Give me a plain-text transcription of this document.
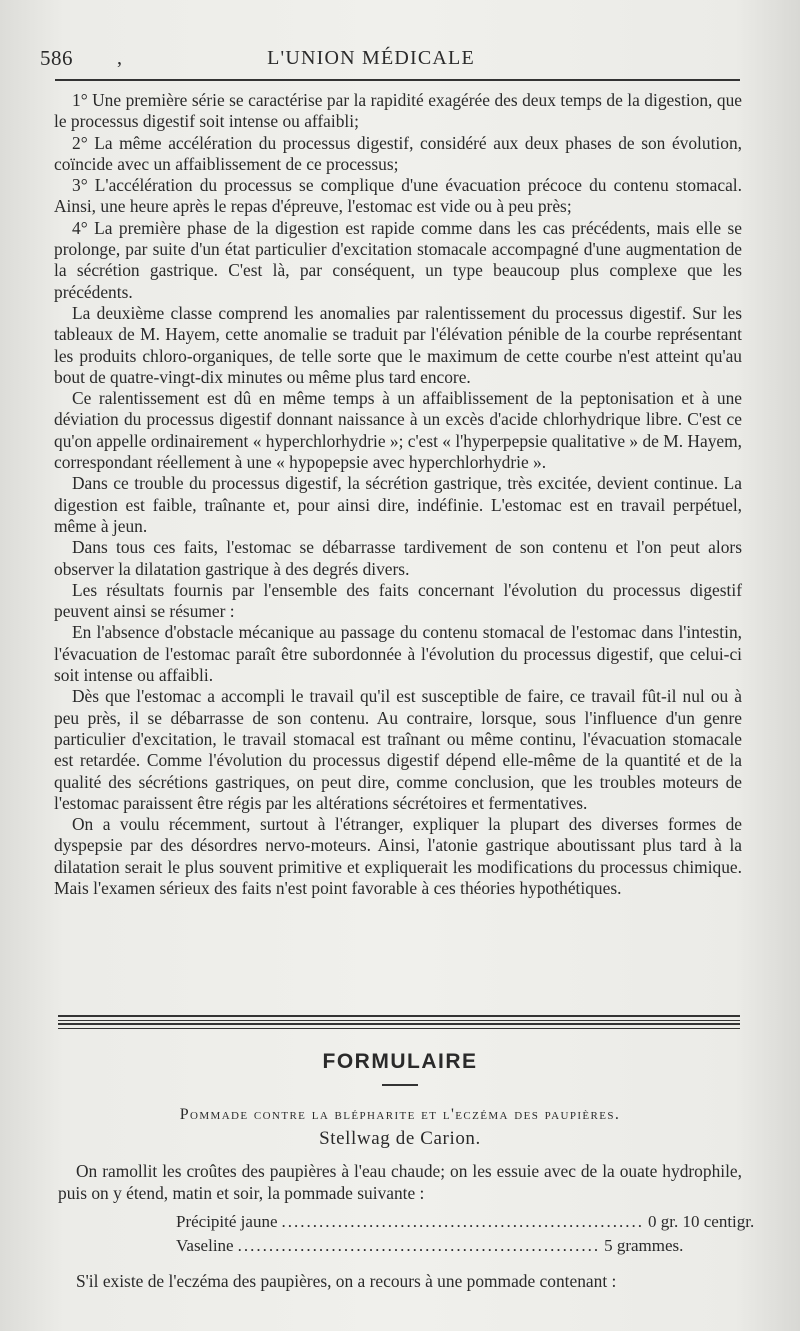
586 ,	L'UNION MÉDICALE

1° Une première série se caractérise par la rapidité exagérée des deux temps de la digestion, que le processus digestif soit intense ou affaibli;

2° La même accélération du processus digestif, considéré aux deux phases de son évolution, coïncide avec un affaiblissement de ce processus;

3° L'accélération du processus se complique d'une évacuation précoce du contenu stomacal. Ainsi, une heure après le repas d'épreuve, l'estomac est vide ou à peu près;

4° La première phase de la digestion est rapide comme dans les cas précédents, mais elle se prolonge, par suite d'un état particulier d'excitation stomacale accompagné d'une augmentation de la sécrétion gastrique. C'est là, par conséquent, un type beaucoup plus complexe que les précédents.

La deuxième classe comprend les anomalies par ralentissement du processus digestif. Sur les tableaux de M. Hayem, cette anomalie se traduit par l'élévation pénible de la courbe représentant les produits chloro-organiques, de telle sorte que le maximum de cette courbe n'est atteint qu'au bout de quatre-vingt-dix minutes ou même plus tard encore.

Ce ralentissement est dû en même temps à un affaiblissement de la peptonisation et à une déviation du processus digestif donnant naissance à un excès d'acide chlorhydrique libre. C'est ce qu'on appelle ordinairement « hyperchlorhydrie »; c'est « l'hyperpepsie qualitative » de M. Hayem, correspondant réellement à une « hypopepsie avec hyperchlorhydrie ».

Dans ce trouble du processus digestif, la sécrétion gastrique, très excitée, devient continue. La digestion est faible, traînante et, pour ainsi dire, indéfinie. L'estomac est en travail perpétuel, même à jeun.

Dans tous ces faits, l'estomac se débarrasse tardivement de son contenu et l'on peut alors observer la dilatation gastrique à des degrés divers.

Les résultats fournis par l'ensemble des faits concernant l'évolution du processus digestif peuvent ainsi se résumer :

En l'absence d'obstacle mécanique au passage du contenu stomacal de l'estomac dans l'intestin, l'évacuation de l'estomac paraît être subordonnée à l'évolution du processus digestif, que celui-ci soit intense ou affaibli.

Dès que l'estomac a accompli le travail qu'il est susceptible de faire, ce travail fût-il nul ou à peu près, il se débarrasse de son contenu. Au contraire, lorsque, sous l'influence d'un genre particulier d'excitation, le travail stomacal est traînant ou même continu, l'évacuation stomacale est retardée. Comme l'évolution du processus digestif dépend elle-même de la quantité et de la qualité des sécrétions gastriques, on peut dire, comme conclusion, que les troubles moteurs de l'estomac paraissent être régis par les altérations sécrétoires et fermentatives.

On a voulu récemment, surtout à l'étranger, expliquer la plupart des diverses formes de dyspepsie par des désordres nervo-moteurs. Ainsi, l'atonie gastrique aboutissant plus tard à la dilatation serait le plus souvent primitive et expliquerait les modifications du processus chimique. Mais l'examen sérieux des faits n'est point favorable à ces théories hypothétiques.

FORMULAIRE
Pommade contre la blépharite et l'eczéma des paupières.
Stellwag de Carion.

On ramollit les croûtes des paupières à l'eau chaude; on les essuie avec de la ouate hydrophile, puis on y étend, matin et soir, la pommade suivante :

Précipité jaune .......................................................... 0 gr. 10 centigr.
Vaseline .......................................................... 5 grammes.

S'il existe de l'eczéma des paupières, on a recours à une pommade contenant :
